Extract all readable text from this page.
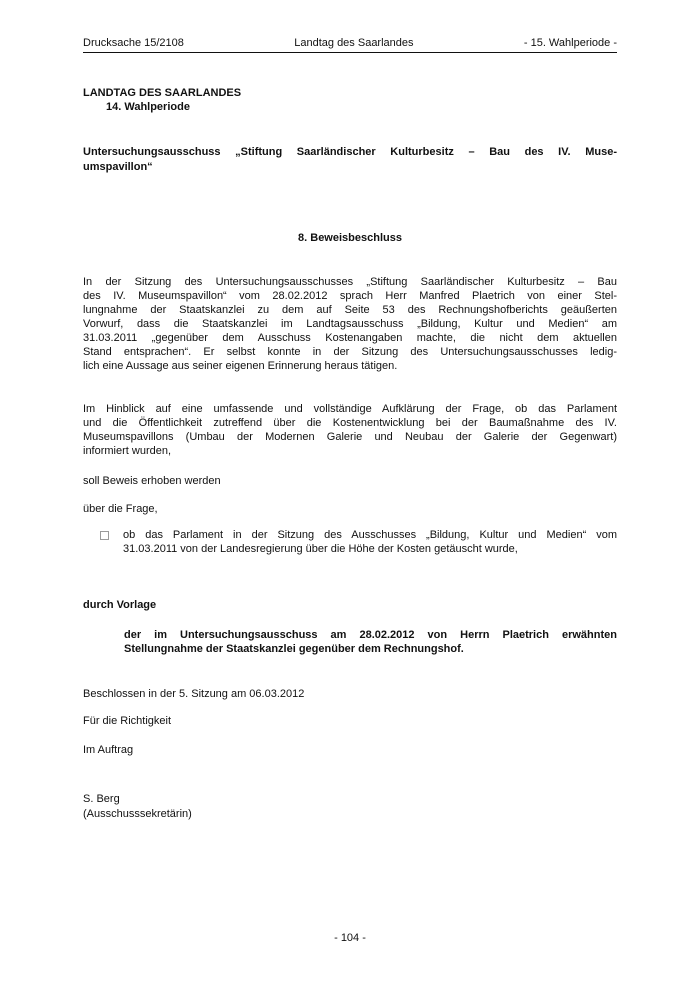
Drucksache 15/2108	Landtag des Saarlandes	- 15. Wahlperiode -
LANDTAG DES SAARLANDES
14. Wahlperiode
Untersuchungsausschuss „Stiftung Saarländischer Kulturbesitz – Bau des IV. Muse-
umspavillon“
8. Beweisbeschluss
In der Sitzung des Untersuchungsausschusses „Stiftung Saarländischer Kulturbesitz – Bau
des IV. Museumspavillon“ vom 28.02.2012 sprach Herr Manfred Plaetrich von einer Stel-
lungnahme der Staatskanzlei zu dem auf Seite 53 des Rechnungshofberichts geäußerten
Vorwurf, dass die Staatskanzlei im Landtagsausschuss „Bildung, Kultur und Medien“ am
31.03.2011 „gegenüber dem Ausschuss Kostenangaben machte, die nicht dem aktuellen
Stand entsprachen“. Er selbst konnte in der Sitzung des Untersuchungsausschusses ledig-
lich eine Aussage aus seiner eigenen Erinnerung heraus tätigen.
Im Hinblick auf eine umfassende und vollständige Aufklärung der Frage, ob das Parlament
und die Öffentlichkeit zutreffend über die Kostenentwicklung bei der Baumaßnahme des IV.
Museumspavillons (Umbau der Modernen Galerie und Neubau der Galerie der Gegenwart)
informiert wurden,
soll Beweis erhoben werden
über die Frage,
ob das Parlament in der Sitzung des Ausschusses „Bildung, Kultur und Medien“ vom
31.03.2011 von der Landesregierung über die Höhe der Kosten getäuscht wurde,
durch Vorlage
der im Untersuchungsausschuss am 28.02.2012 von Herrn Plaetrich erwähnten
Stellungnahme der Staatskanzlei gegenüber dem Rechnungshof.
Beschlossen in der 5. Sitzung am 06.03.2012
Für die Richtigkeit
Im Auftrag
S. Berg
(Ausschusssekretärin)
- 104 -
